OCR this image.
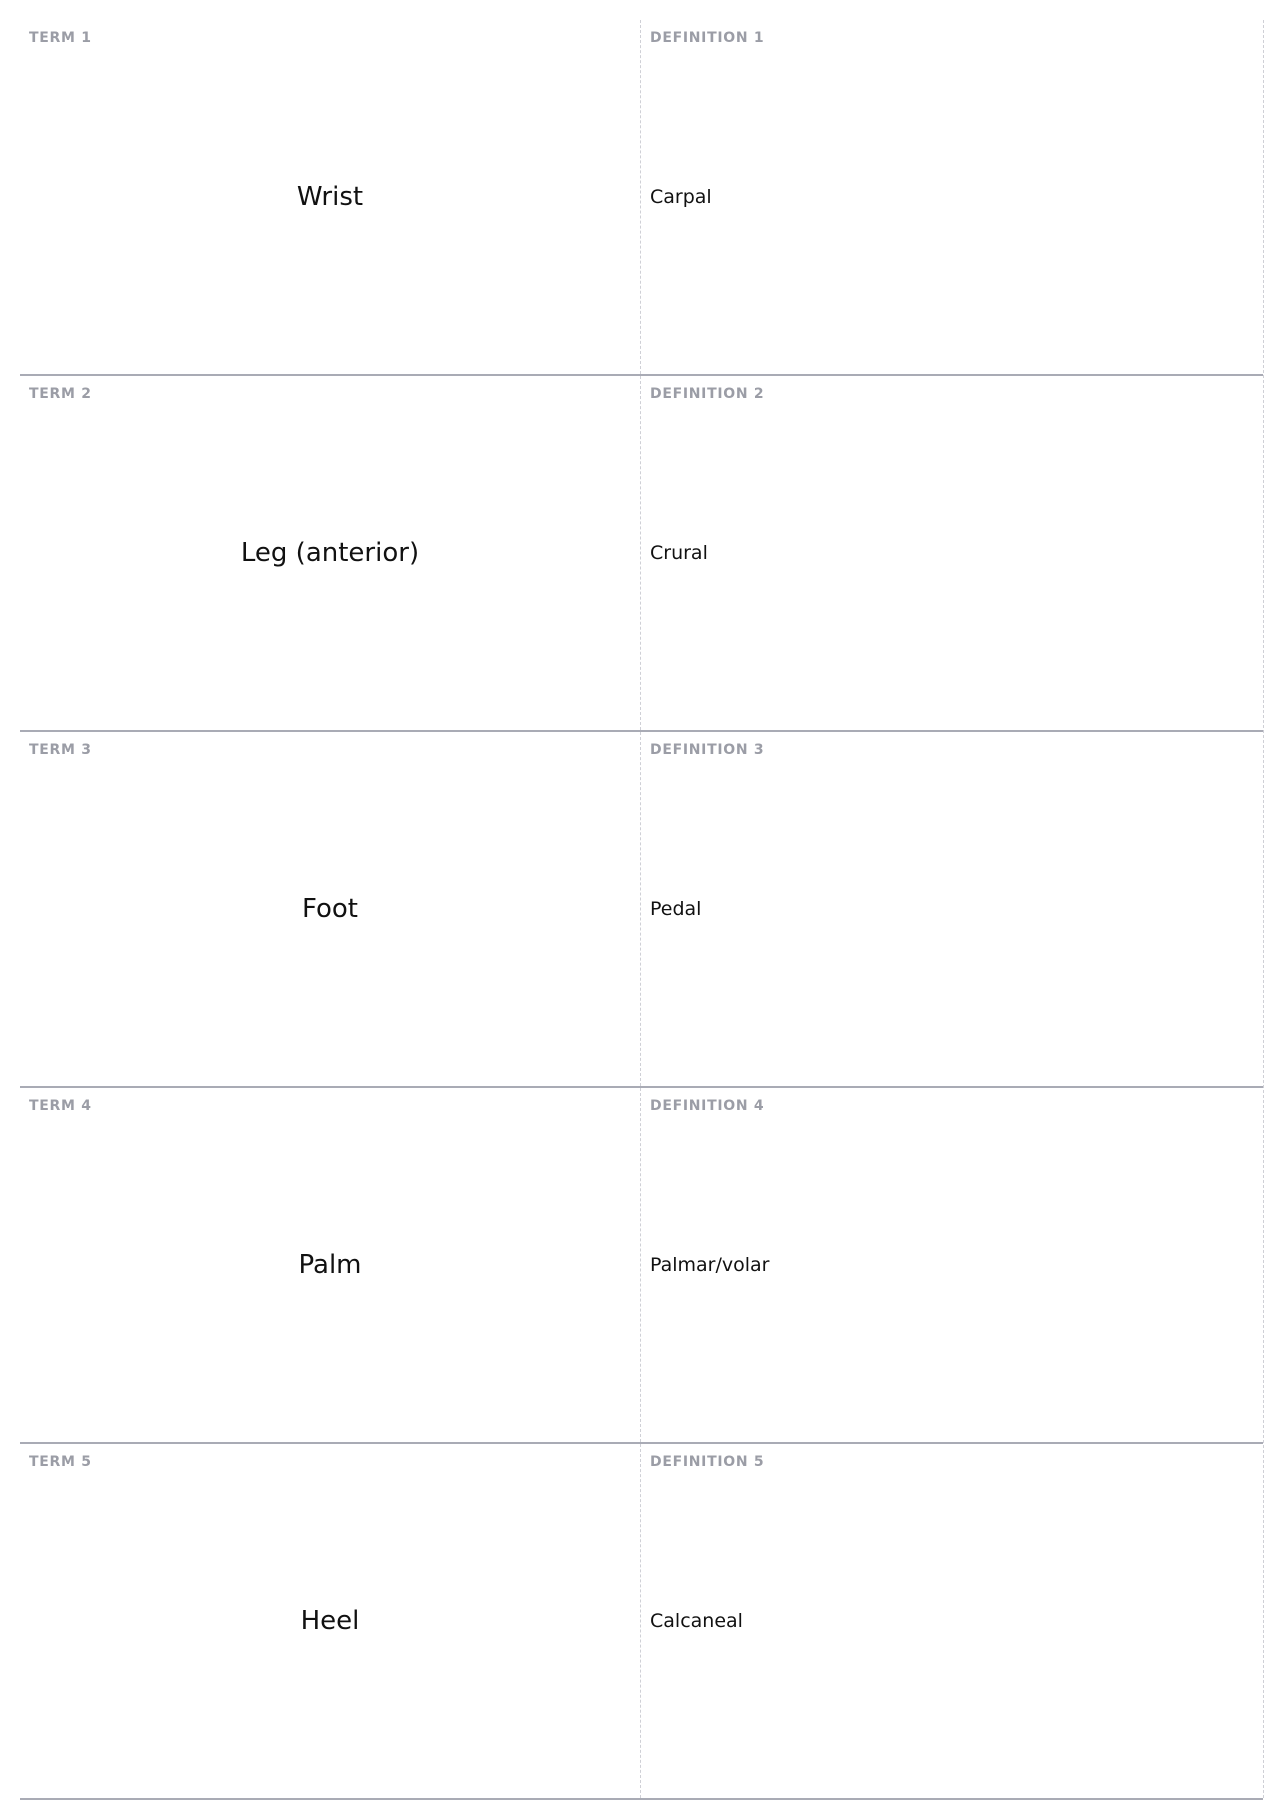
TERM 1
Wrist
DEFINITION 1
Carpal
TERM 2
Leg (anterior)
DEFINITION 2
Crural
TERM 3
Foot
DEFINITION 3
Pedal
TERM 4
Palm
DEFINITION 4
Palmar/volar
TERM 5
Heel
DEFINITION 5
Calcaneal
